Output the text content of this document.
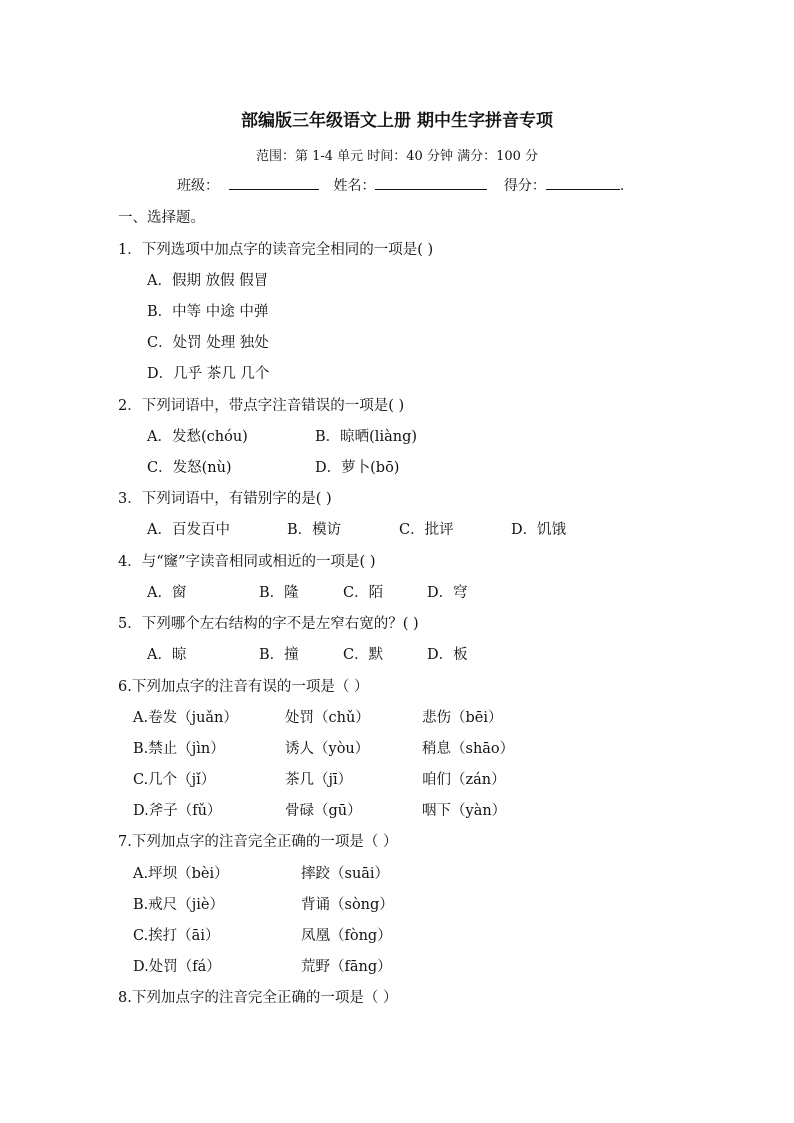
部编版三年级语文上册 期中生字拼音专项
范围：第 1-4 单元 时间：40 分钟 满分：100 分
班级：	姓名：	得分：	.
一、选择题。
1．下列选项中加点字的读音完全相同的一项是( )
A．假期 放假 假冒
B．中等 中途 中弹
C．处罚 处理 独处
D．几乎 茶几 几个
2．下列词语中，带点字注音错误的一项是( )
A．发愁(chóu)	B．晾晒(liàng)
C．发怒(nù)	D．萝卜(bō)
3．下列词语中，有错别字的是( )
A．百发百中	B．模访	C．批评	D．饥饿
4．与“窿”字读音相同或相近的一项是( )
A．窗	B．隆	C．陌	D．穹
5．下列哪个左右结构的字不是左窄右宽的？( )
A．晾	B．撞	C．默	D．板
6.下列加点字的注音有误的一项是（ ）
A.卷发（juǎn）	处罚（chǔ）	悲伤（bēi）
B.禁止（jìn）	诱人（yòu）	稍息（shāo）
C.几个（jǐ）	茶几（jī）	咱们（zán）
D.斧子（fǔ）	骨碌（gū）	咽下（yàn）
7.下列加点字的注音完全正确的一项是（ ）
A.坪坝（bèi）	摔跤（suāi）
B.戒尺（jiè）	背诵（sòng）
C.挨打（āi）	凤凰（fòng）
D.处罚（fá）	荒野（fāng）
8.下列加点字的注音完全正确的一项是（ ）
